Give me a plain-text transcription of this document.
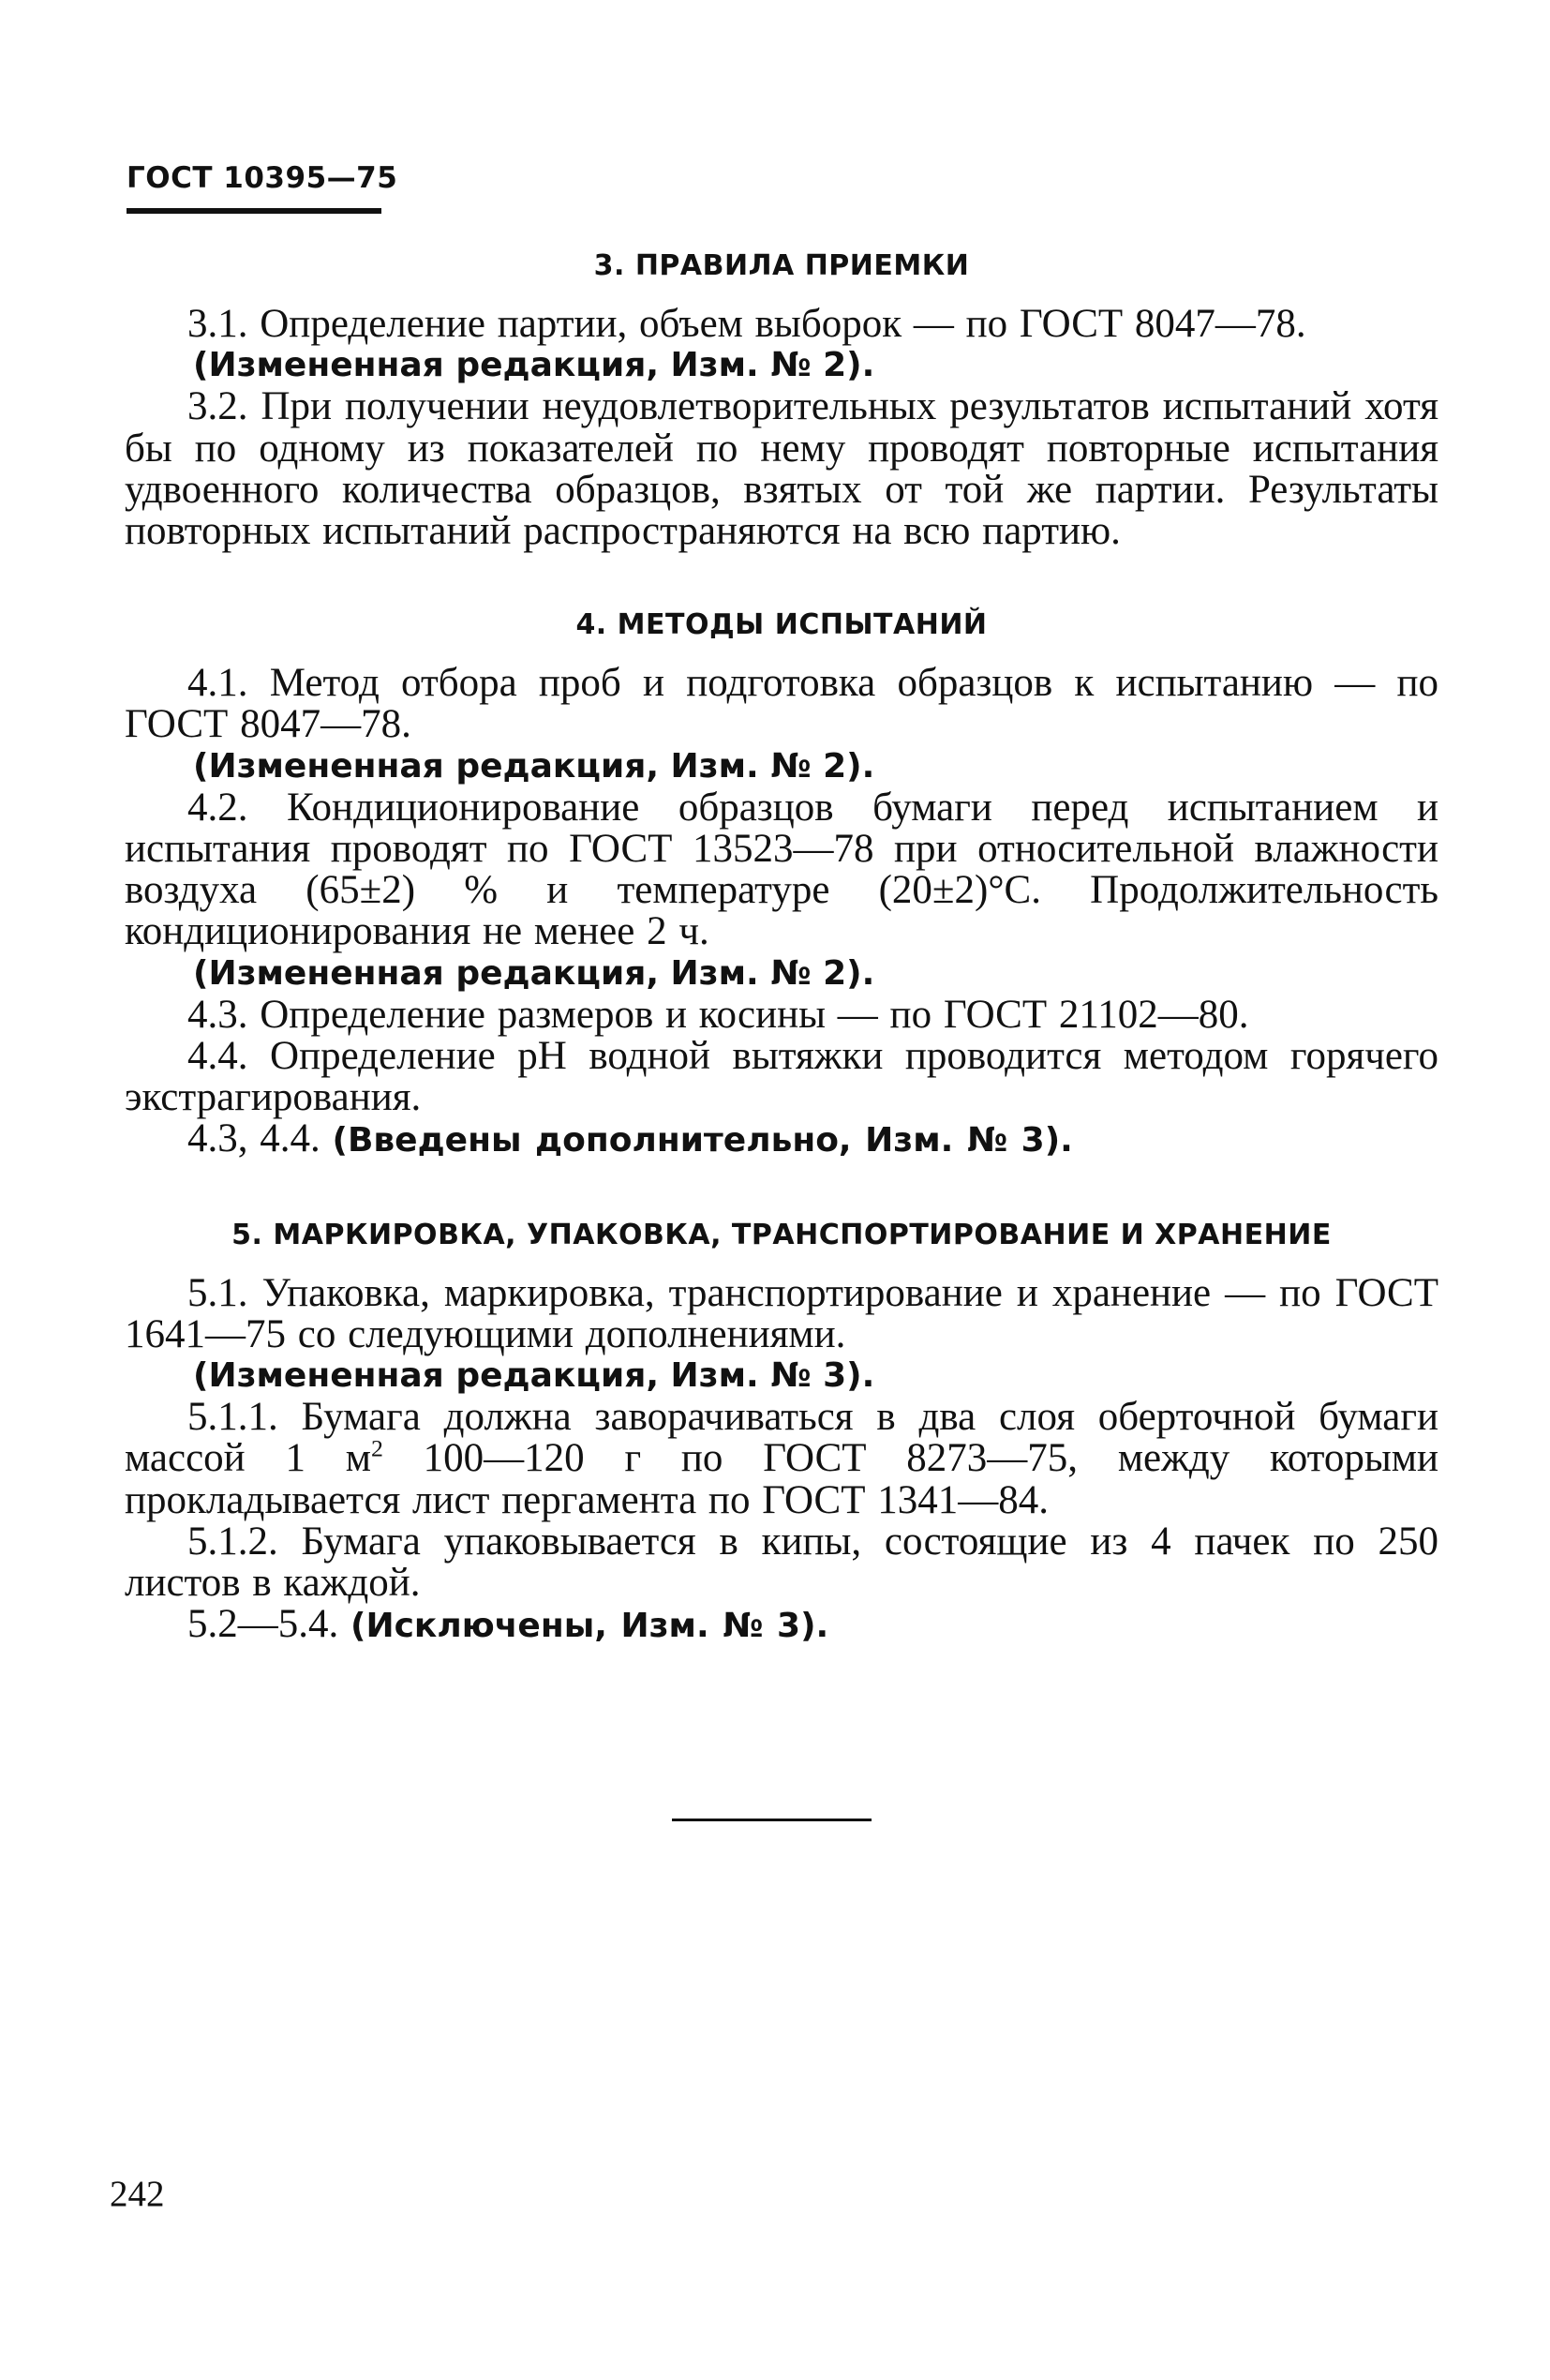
ГОСТ 10395—75
3. ПРАВИЛА ПРИЕМКИ

3.1. Определение партии, объем выборок — по ГОСТ 8047—78.

(Измененная редакция, Изм. № 2).

3.2. При получении неудовлетворительных результатов испытаний хотя бы по одному из показателей по нему проводят повторные испытания удвоенного количества образцов, взятых от той же партии. Результаты повторных испытаний распространяются на всю партию.

4. МЕТОДЫ ИСПЫТАНИЙ

4.1. Метод отбора проб и подготовка образцов к испытанию — по ГОСТ 8047—78.

(Измененная редакция, Изм. № 2).

4.2. Кондиционирование образцов бумаги перед испытанием и испытания проводят по ГОСТ 13523—78 при относительной влажности воздуха (65±2) % и температуре (20±2)°С. Продолжительность кондиционирования не менее 2 ч.

(Измененная редакция, Изм. № 2).

4.3. Определение размеров и косины — по ГОСТ 21102—80.

4.4. Определение рН водной вытяжки проводится методом горячего экстрагирования.

4.3, 4.4. (Введены дополнительно, Изм. № 3).

5. МАРКИРОВКА, УПАКОВКА, ТРАНСПОРТИРОВАНИЕ И ХРАНЕНИЕ

5.1. Упаковка, маркировка, транспортирование и хранение — по ГОСТ 1641—75 со следующими дополнениями.

(Измененная редакция, Изм. № 3).

5.1.1. Бумага должна заворачиваться в два слоя оберточной бумаги массой 1 $м^2$ 100—120 г по ГОСТ 8273—75, между которыми прокладывается лист пергамента по ГОСТ 1341—84.

5.1.2. Бумага упаковывается в кипы, состоящие из 4 пачек по 250 листов в каждой.

5.2—5.4. (Исключены, Изм. № 3).

242
